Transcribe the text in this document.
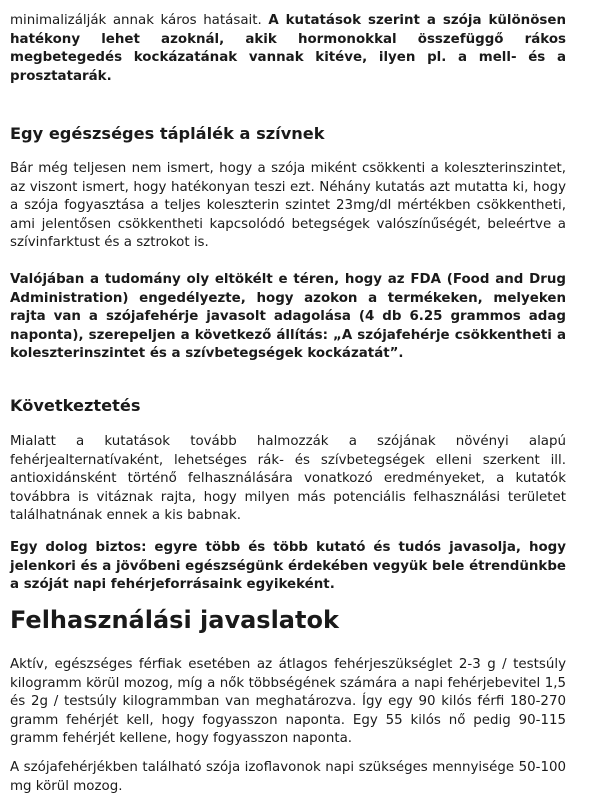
minimalizálják annak káros hatásait. A kutatások szerint a szója különösen hatékony lehet azoknál, akik hormonokkal összefüggő rákos megbetegedés kockázatának vannak kitéve, ilyen pl. a mell- és a prosztatarák.

Egy egészséges táplálék a szívnek

Bár még teljesen nem ismert, hogy a szója miként csökkenti a koleszterinszintet, az viszont ismert, hogy hatékonyan teszi ezt. Néhány kutatás azt mutatta ki, hogy a szója fogyasztása a teljes koleszterin szintet 23mg/dl mértékben csökkentheti, ami jelentősen csökkentheti kapcsolódó betegségek valószínűségét, beleértve a szívinfarktust és a sztrokot is.

Valójában a tudomány oly eltökélt e téren, hogy az FDA (Food and Drug Administration) engedélyezte, hogy azokon a termékeken, melyeken rajta van a szójafehérje javasolt adagolása (4 db 6.25 grammos adag naponta), szerepeljen a következő állítás: „A szójafehérje csökkentheti a koleszterinszintet és a szívbetegségek kockázatát”.

Következtetés

Mialatt a kutatások tovább halmozzák a szójának növényi alapú fehérjealternatívaként, lehetséges rák- és szívbetegségek elleni szerkent ill. antioxidánsként történő felhasználására vonatkozó eredményeket, a kutatók továbbra is vitáznak rajta, hogy milyen más potenciális felhasználási területet találhatnának ennek a kis babnak.

Egy dolog biztos: egyre több és több kutató és tudós javasolja, hogy jelenkori és a jövőbeni egészségünk érdekében vegyük bele étrendünkbe a szóját napi fehérjeforrásaink egyikeként.

Felhasználási javaslatok

Aktív, egészséges férfiak esetében az átlagos fehérjeszükséglet 2-3 g / testsúly kilogramm körül mozog, míg a nők többségének számára a napi fehérjebevitel 1,5 és 2g / testsúly kilogrammban van meghatározva. Így egy 90 kilós férfi 180-270 gramm fehérjét kell, hogy fogyasszon naponta. Egy 55 kilós nő pedig 90-115 gramm fehérjét kellene, hogy fogyasszon naponta.

A szójafehérjékben található szója izoflavonok napi szükséges mennyisége 50-100 mg körül mozog.
